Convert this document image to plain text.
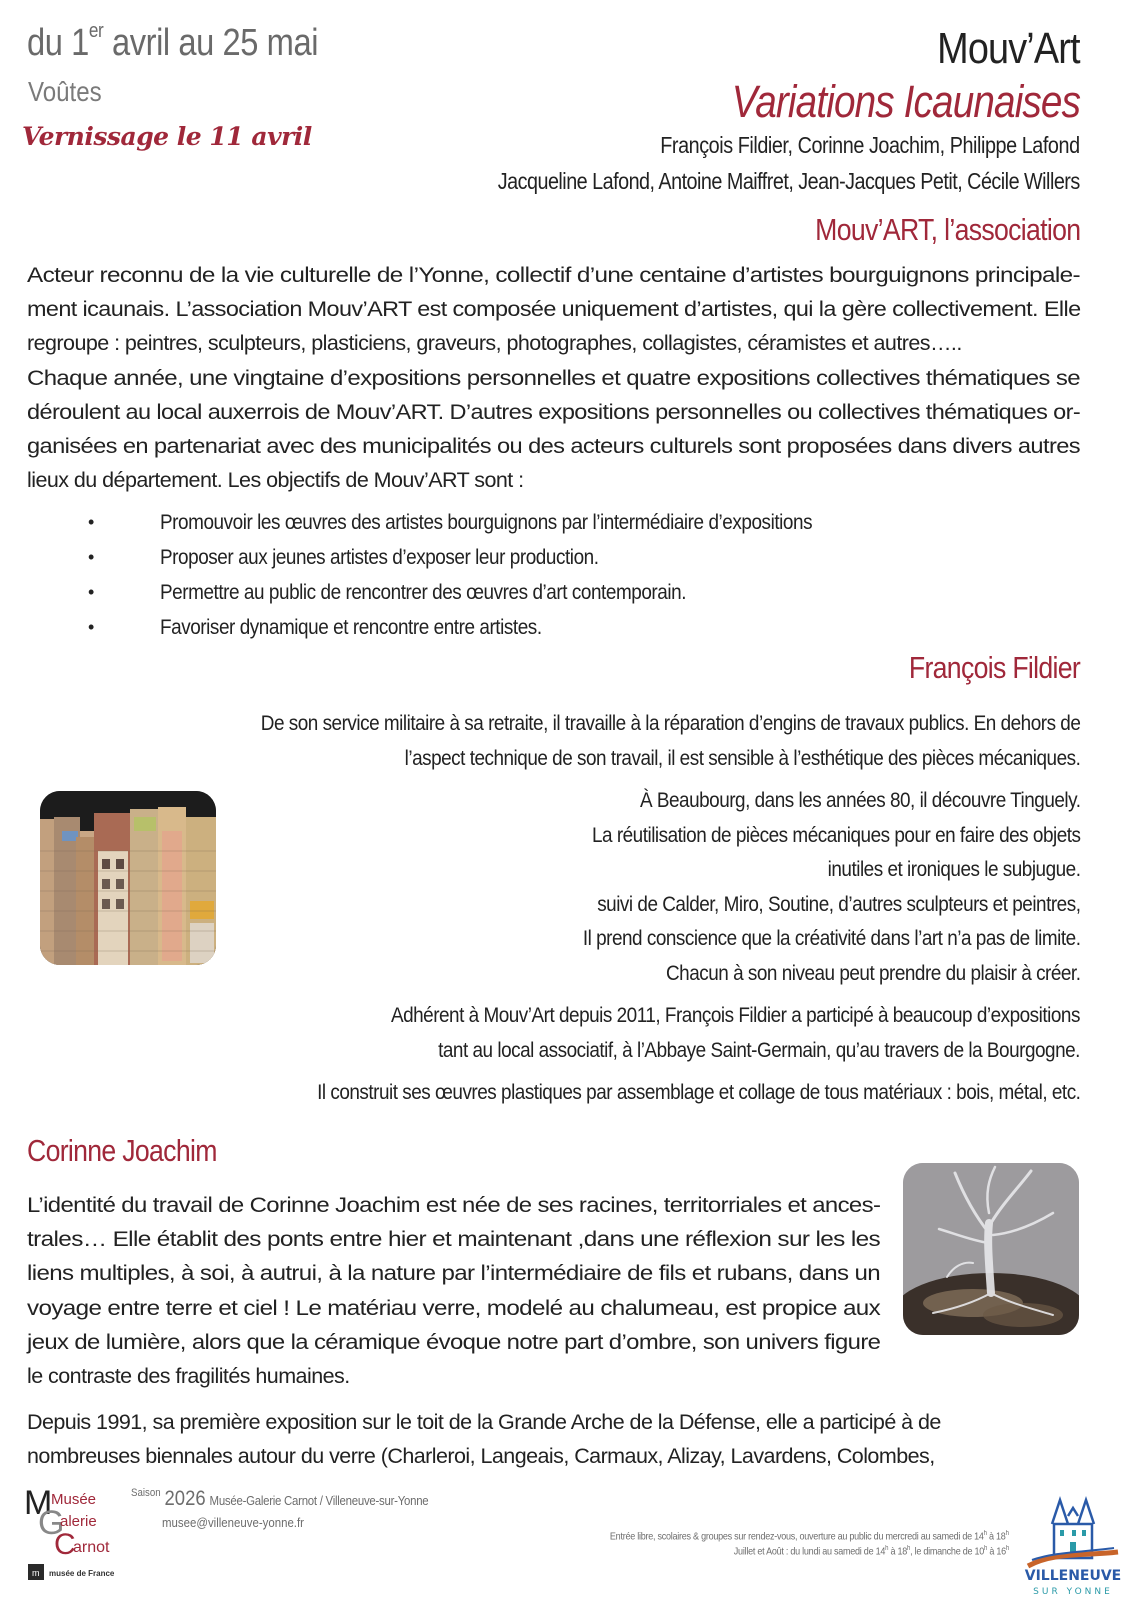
du 1er avril au 25 mai
Voûtes
Vernissage le 11 avril
Mouv’Art
Variations Icaunaises
François Fildier, Corinne Joachim, Philippe Lafond
Jacqueline Lafond, Antoine Maiffret, Jean-Jacques Petit, Cécile Willers
Mouv’ART, l’association
Acteur reconnu de la vie culturelle de l’Yonne, collectif d’une centaine d’artistes bourguignons principale-
ment icaunais. L’association Mouv’ART est composée uniquement d’artistes, qui la gère collectivement. Elle
regroupe : peintres, sculpteurs, plasticiens, graveurs, photographes, collagistes, céramistes et autres…..
Chaque année, une vingtaine d’expositions personnelles et quatre expositions collectives thématiques se
déroulent au local auxerrois de Mouv’ART. D’autres expositions personnelles ou collectives thématiques or-
ganisées en partenariat avec des municipalités ou des acteurs culturels sont proposées dans divers autres
lieux du département. Les objectifs de Mouv’ART sont :
•	Promouvoir les œuvres des artistes bourguignons par l’intermédiaire d’expositions
•	Proposer aux jeunes artistes d’exposer leur production.
•	Permettre au public de rencontrer des œuvres d’art contemporain.
•	Favoriser dynamique et rencontre entre artistes.
François Fildier
De son service militaire à sa retraite, il travaille à la réparation d’engins de travaux publics. En dehors de
l’aspect technique de son travail, il est sensible à l’esthétique des pièces mécaniques.
À Beaubourg, dans les années 80, il découvre Tinguely.
La réutilisation de pièces mécaniques pour en faire des objets
inutiles et ironiques le subjugue.
suivi de Calder, Miro, Soutine, d’autres sculpteurs et peintres,
Il prend conscience que la créativité dans l’art n’a pas de limite.
Chacun à son niveau peut prendre du plaisir à créer.
Adhérent à Mouv’Art depuis 2011, François Fildier a participé à beaucoup d’expositions
tant au local associatif, à l’Abbaye Saint-Germain, qu’au travers de la Bourgogne.
Il construit ses œuvres plastiques par assemblage et collage de tous matériaux : bois, métal, etc.
Corinne Joachim
L’identité du travail de Corinne Joachim est née de ses racines, territorriales et ances-
trales… Elle établit des ponts entre hier et maintenant ,dans une réflexion sur les les
liens multiples, à soi, à autrui, à la nature par l’intermédiaire de fils et rubans, dans un
voyage entre terre et ciel ! Le matériau verre, modelé au chalumeau, est propice aux
jeux de lumière, alors que la céramique évoque notre part d’ombre, son univers figure
le contraste des fragilités humaines.
Depuis 1991, sa première exposition sur le toit de la Grande Arche de la Défense, elle a participé à de
nombreuses biennales autour du verre (Charleroi, Langeais, Carmaux, Alizay, Lavardens, Colombes,
M
Musée
G
alerie
C
arnot
m musée de France
$^{Saison}$ 2026 Musée-Galerie Carnot / Villeneuve-sur-Yonne
musee@villeneuve-yonne.fr
Entrée libre, scolaires & groupes sur rendez-vous, ouverture au public du mercredi au samedi de 14$^h$ à 18$^h$
Juillet et Août : du lundi au samedi de 14$^h$ à 18$^h$, le dimanche de 10$^h$ à 16$^h$
VILLENEUVE
SUR YONNE
